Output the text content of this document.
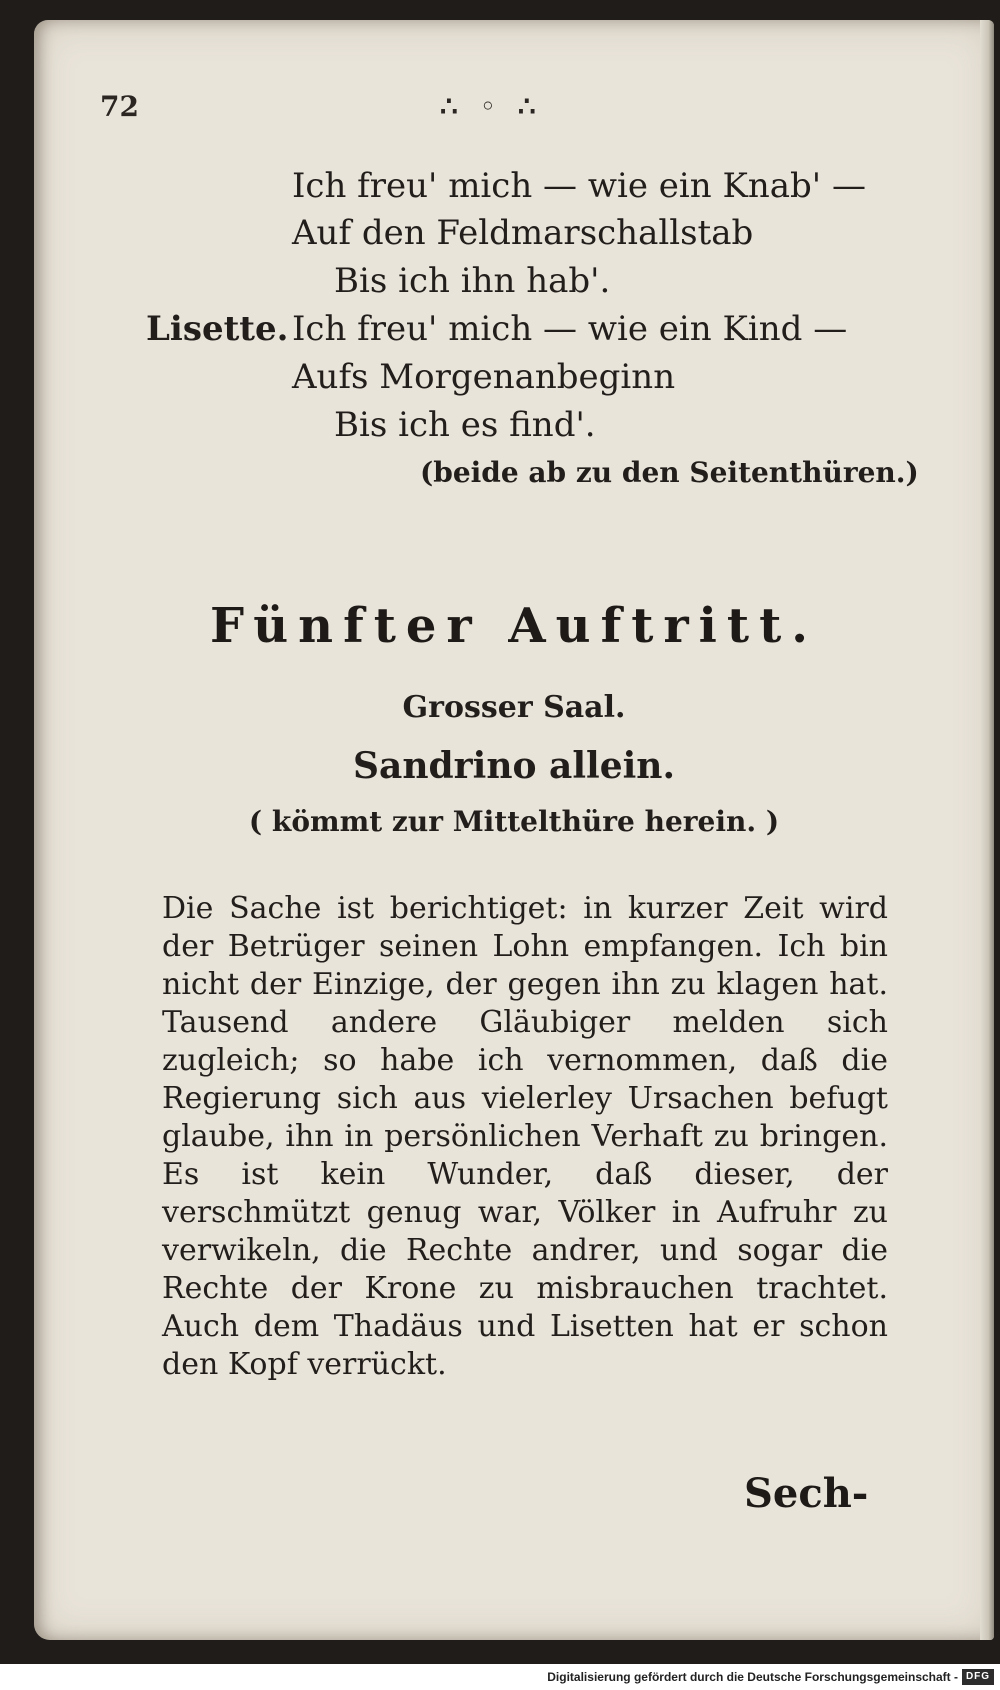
72	∴ ◦ ∴
Ich freu' mich — wie ein Knab' —
Auf den Feldmarschallstab
Bis ich ihn hab'.
Lisette. Ich freu' mich — wie ein Kind —
Aufs Morgenanbeginn
Bis ich es find'.
(beide ab zu den Seitenthüren.)
Fünfter Auftritt.
Grosser Saal.
Sandrino allein.
( kömmt zur Mittelthüre herein. )

Die Sache ist berichtiget: in kurzer Zeit wird der Betrüger seinen Lohn empfangen. Ich bin nicht der Einzige, der gegen ihn zu klagen hat. Tausend andere Gläubiger melden sich zugleich; so habe ich vernommen, daß die Regierung sich aus vielerley Ursachen befugt glaube, ihn in persönlichen Verhaft zu bringen. Es ist kein Wunder, daß dieser, der verschmützt genug war, Völker in Aufruhr zu verwikeln, die Rechte andrer, und sogar die Rechte der Krone zu misbrauchen trachtet. Auch dem Thadäus und Lisetten hat er schon den Kopf verrückt.

Sech-
Digitalisierung gefördert durch die Deutsche Forschungsgemeinschaft - DFG
